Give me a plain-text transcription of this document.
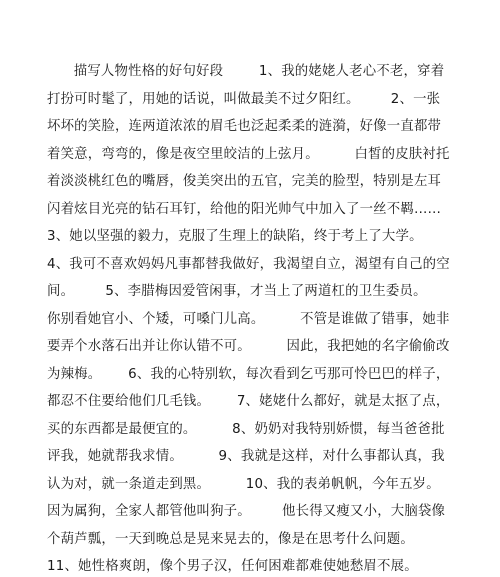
描写人物性格的好句好段        1、我的姥姥人老心不老，穿着
打扮可时髦了，用她的话说，叫做最美不过夕阳红。       2、一张
坏坏的笑脸，连两道浓浓的眉毛也泛起柔柔的涟漪，好像一直都带
着笑意，弯弯的，像是夜空里皎洁的上弦月。        白皙的皮肤衬托
着淡淡桃红色的嘴唇，俊美突出的五官，完美的脸型，特别是左耳
闪着炫目光亮的钻石耳钉，给他的阳光帅气中加入了一丝不羁……
3、她以坚强的毅力，克服了生理上的缺陷，终于考上了大学。
4、我可不喜欢妈妈凡事都替我做好，我渴望自立，渴望有自己的空
间。       5、李腊梅因爱管闲事，才当上了两道杠的卫生委员。
你别看她官小、个矮，可嗓门儿高。        不管是谁做了错事，她非
要弄个水落石出并让你认错不可。        因此，我把她的名字偷偷改
为辣梅。      6、我的心特别软，每次看到乞丐那可怜巴巴的样子，
都忍不住要给他们几毛钱。      7、姥姥什么都好，就是太抠了点，
买的东西都是最便宜的。        8、奶奶对我特别娇惯，每当爸爸批
评我，她就帮我求情。        9、我就是这样，对什么事都认真，我
认为对，就一条道走到黑。        10、我的表弟帆帆，今年五岁。
因为属狗，全家人都管他叫狗子。       他长得又瘦又小，大脑袋像
个葫芦瓢，一天到晚总是晃来晃去的，像是在思考什么问题。
11、她性格爽朗，像个男子汉，任何困难都难使她愁眉不展。
